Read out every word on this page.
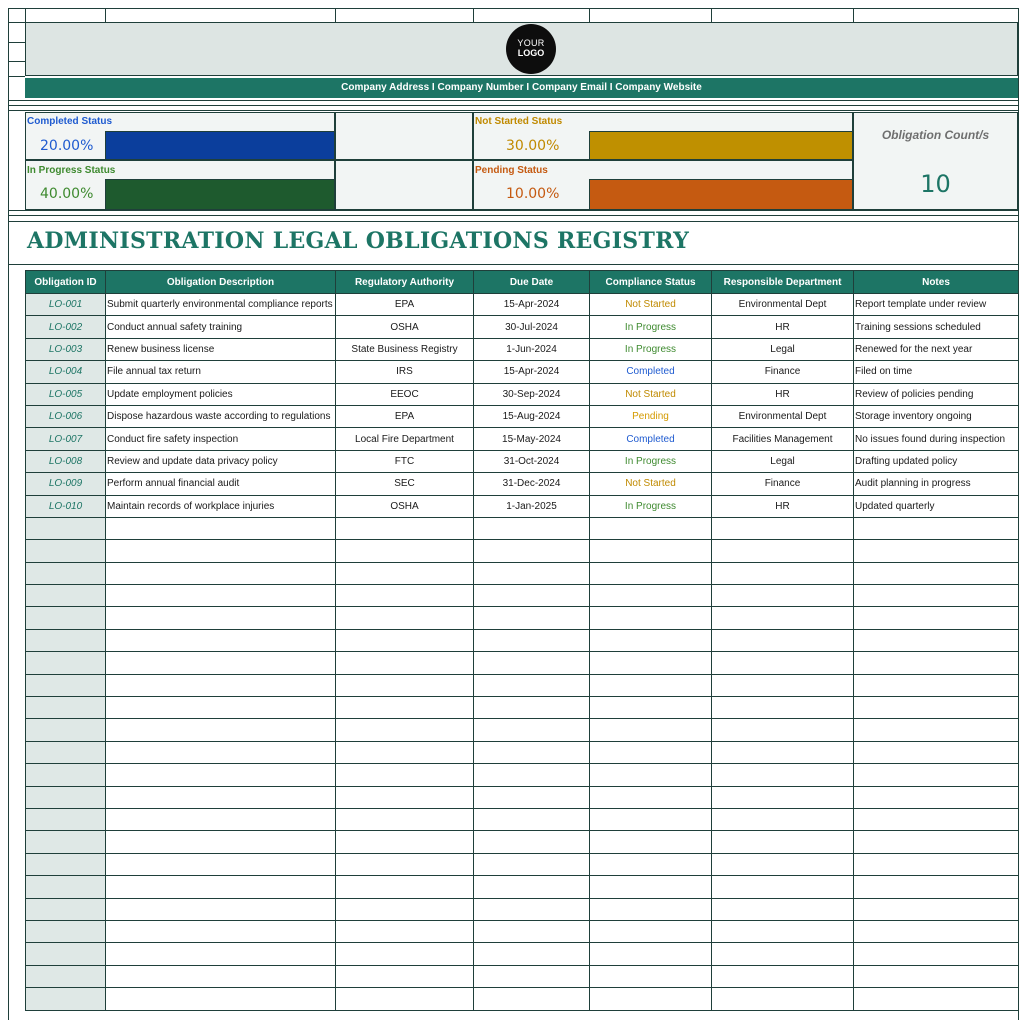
YOUR
LOGO
Company Address I Company Number I Company Email I Company Website
Completed Status
20.00%
In Progress Status
40.00%
Not Started Status
30.00%
Pending Status
10.00%
Obligation Count/s
10
ADMINISTRATION LEGAL OBLIGATIONS REGISTRY
Obligation ID	Obligation Description	Regulatory Authority	Due Date	Compliance Status	Responsible Department	Notes
LO-001	Submit quarterly environmental compliance reports	EPA	15-Apr-2024	Not Started	Environmental Dept	Report template under review
LO-002	Conduct annual safety training	OSHA	30-Jul-2024	In Progress	HR	Training sessions scheduled
LO-003	Renew business license	State Business Registry	1-Jun-2024	In Progress	Legal	Renewed for the next year
LO-004	File annual tax return	IRS	15-Apr-2024	Completed	Finance	Filed on time
LO-005	Update employment policies	EEOC	30-Sep-2024	Not Started	HR	Review of policies pending
LO-006	Dispose hazardous waste according to regulations	EPA	15-Aug-2024	Pending	Environmental Dept	Storage inventory ongoing
LO-007	Conduct fire safety inspection	Local Fire Department	15-May-2024	Completed	Facilities Management	No issues found during inspection
LO-008	Review and update data privacy policy	FTC	31-Oct-2024	In Progress	Legal	Drafting updated policy
LO-009	Perform annual financial audit	SEC	31-Dec-2024	Not Started	Finance	Audit planning in progress
LO-010	Maintain records of workplace injuries	OSHA	1-Jan-2025	In Progress	HR	Updated quarterly
